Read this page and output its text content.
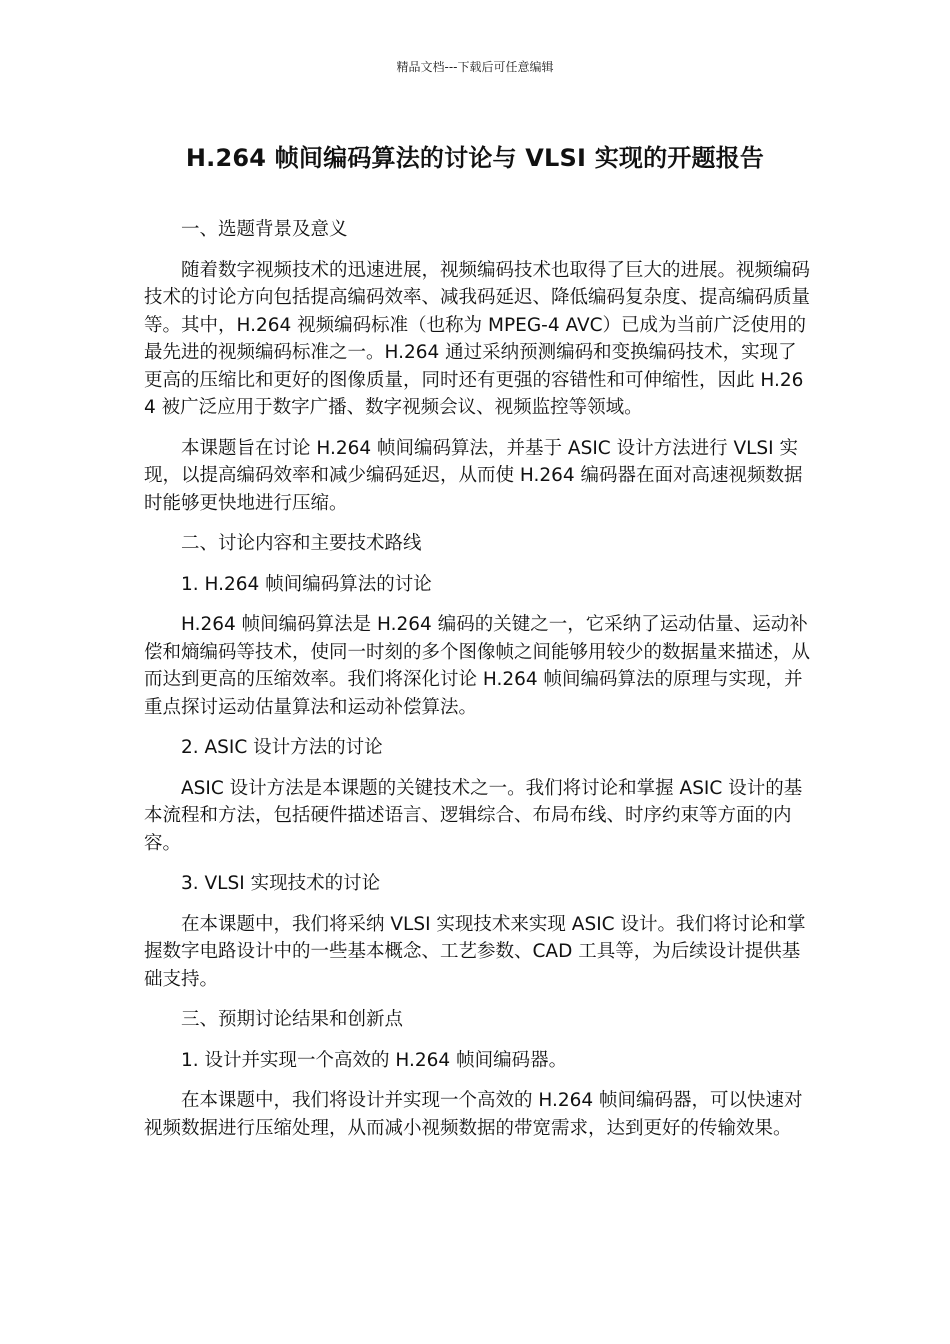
精品文档---下载后可任意编辑
H.264 帧间编码算法的讨论与 VLSI 实现的开题报告

一、选题背景及意义

随着数字视频技术的迅速进展，视频编码技术也取得了巨大的进展。视频编码技术的讨论方向包括提高编码效率、减我码延迟、降低编码复杂度、提高编码质量等。其中，H.264 视频编码标准（也称为 MPEG-4 AVC）已成为当前广泛使用的最先进的视频编码标准之一。H.264 通过采纳预测编码和变换编码技术，实现了更高的压缩比和更好的图像质量，同时还有更强的容错性和可伸缩性，因此 H.264 被广泛应用于数字广播、数字视频会议、视频监控等领域。

本课题旨在讨论 H.264 帧间编码算法，并基于 ASIC 设计方法进行 VLSI 实现，以提高编码效率和减少编码延迟，从而使 H.264 编码器在面对高速视频数据时能够更快地进行压缩。

二、讨论内容和主要技术路线

1. H.264 帧间编码算法的讨论

H.264 帧间编码算法是 H.264 编码的关键之一，它采纳了运动估量、运动补偿和熵编码等技术，使同一时刻的多个图像帧之间能够用较少的数据量来描述，从而达到更高的压缩效率。我们将深化讨论 H.264 帧间编码算法的原理与实现，并重点探讨运动估量算法和运动补偿算法。

2. ASIC 设计方法的讨论

ASIC 设计方法是本课题的关键技术之一。我们将讨论和掌握 ASIC 设计的基本流程和方法，包括硬件描述语言、逻辑综合、布局布线、时序约束等方面的内容。

3. VLSI 实现技术的讨论

在本课题中，我们将采纳 VLSI 实现技术来实现 ASIC 设计。我们将讨论和掌握数字电路设计中的一些基本概念、工艺参数、CAD 工具等，为后续设计提供基础支持。

三、预期讨论结果和创新点

1. 设计并实现一个高效的 H.264 帧间编码器。

在本课题中，我们将设计并实现一个高效的 H.264 帧间编码器，可以快速对视频数据进行压缩处理，从而减小视频数据的带宽需求，达到更好的传输效果。
